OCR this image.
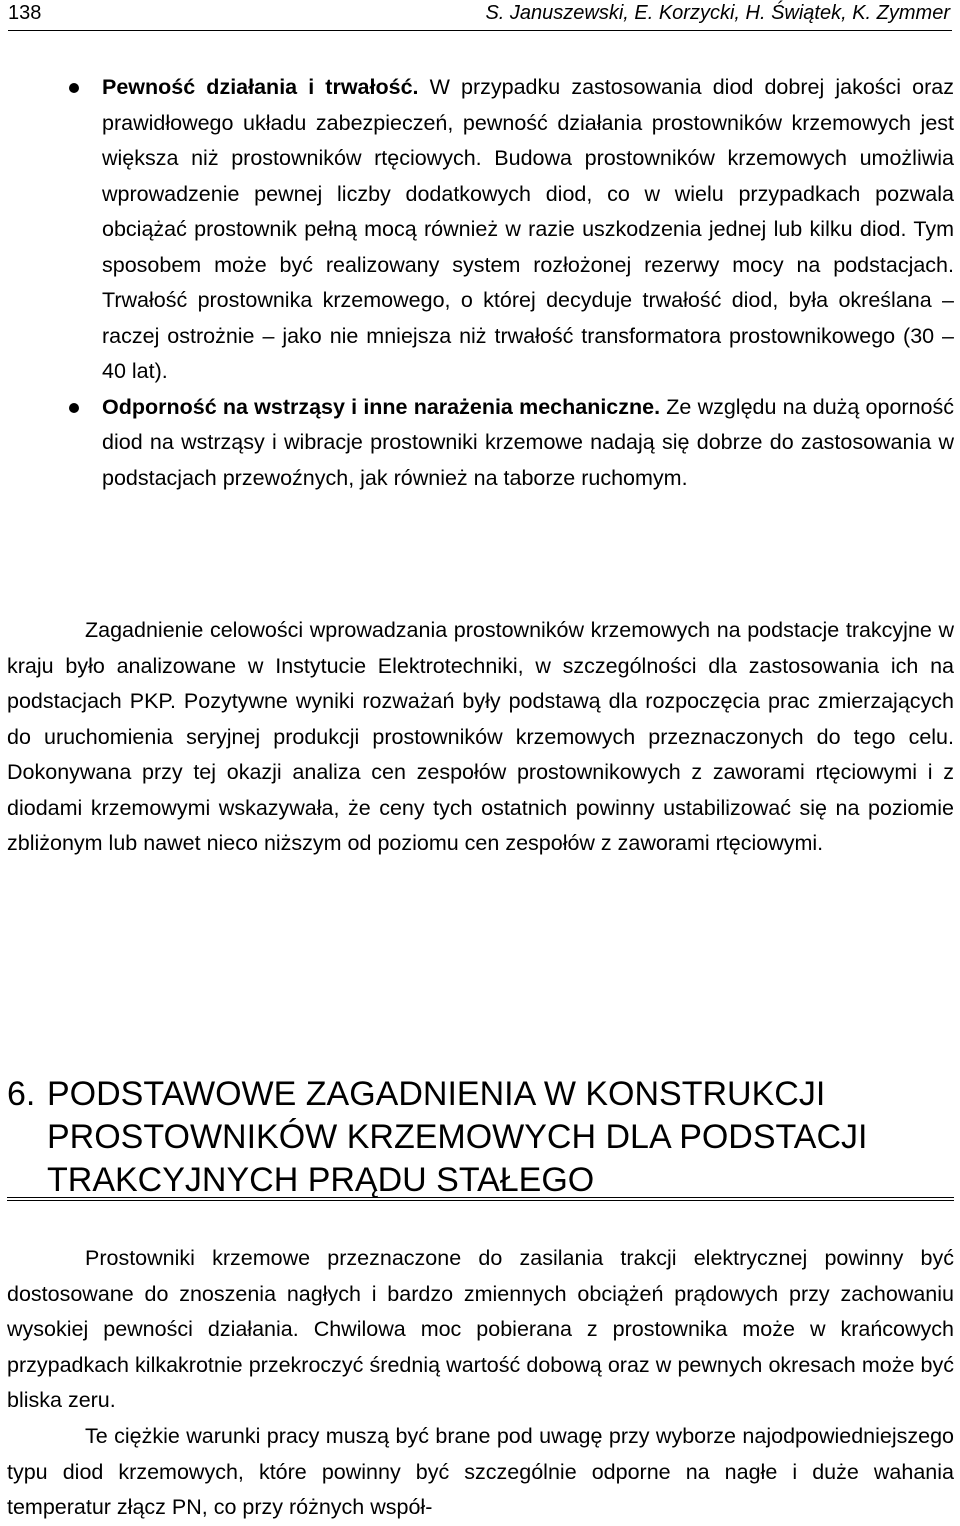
138	S. Januszewski, E. Korzycki, H. Świątek, K. Zymmer
Pewność działania i trwałość. W przypadku zastosowania diod dobrej jakości oraz prawidłowego układu zabezpieczeń, pewność działania prostowników krzemowych jest większa niż prostowników rtęciowych. Budowa prostowników krzemowych umożliwia wprowadzenie pewnej liczby dodatkowych diod, co w wielu przypadkach pozwala obciążać prostownik pełną mocą również w razie uszkodzenia jednej lub kilku diod. Tym sposobem może być realizowany system rozłożonej rezerwy mocy na podstacjach. Trwałość prostownika krzemowego, o której decyduje trwałość diod, była określana – raczej ostrożnie – jako nie mniejsza niż trwałość transformatora prostownikowego (30 – 40 lat).
Odporność na wstrząsy i inne narażenia mechaniczne. Ze względu na dużą oporność diod na wstrząsy i wibracje prostowniki krzemowe nadają się dobrze do zastosowania w podstacjach przewoźnych, jak również na taborze ruchomym.

Zagadnienie celowości wprowadzania prostowników krzemowych na podstacje trakcyjne w kraju było analizowane w Instytucie Elektrotechniki, w szczególności dla zastosowania ich na podstacjach PKP. Pozytywne wyniki rozważań były podstawą dla rozpoczęcia prac zmierzających do uruchomienia seryjnej produkcji prostowników krzemowych przeznaczonych do tego celu. Dokonywana przy tej okazji analiza cen zespołów prostownikowych z zaworami rtęciowymi i z diodami krzemowymi wskazywała, że ceny tych ostatnich powinny ustabilizować się na poziomie zbliżonym lub nawet nieco niższym od poziomu cen zespołów z zaworami rtęciowymi.

6. PODSTAWOWE ZAGADNIENIA W KONSTRUKCJI PROSTOWNIKÓW KRZEMOWYCH DLA PODSTACJI TRAKCYJNYCH PRĄDU STAŁEGO

Prostowniki krzemowe przeznaczone do zasilania trakcji elektrycznej powinny być dostosowane do znoszenia nagłych i bardzo zmiennych obciążeń prądowych przy zachowaniu wysokiej pewności działania. Chwilowa moc pobierana z prostownika może w krańcowych przypadkach kilkakrotnie przekroczyć średnią wartość dobową oraz w pewnych okresach może być bliska zeru.

Te ciężkie warunki pracy muszą być brane pod uwagę przy wyborze najodpowiedniejszego typu diod krzemowych, które powinny być szczególnie odporne na nagłe i duże wahania temperatur złącz PN, co przy różnych współ-
